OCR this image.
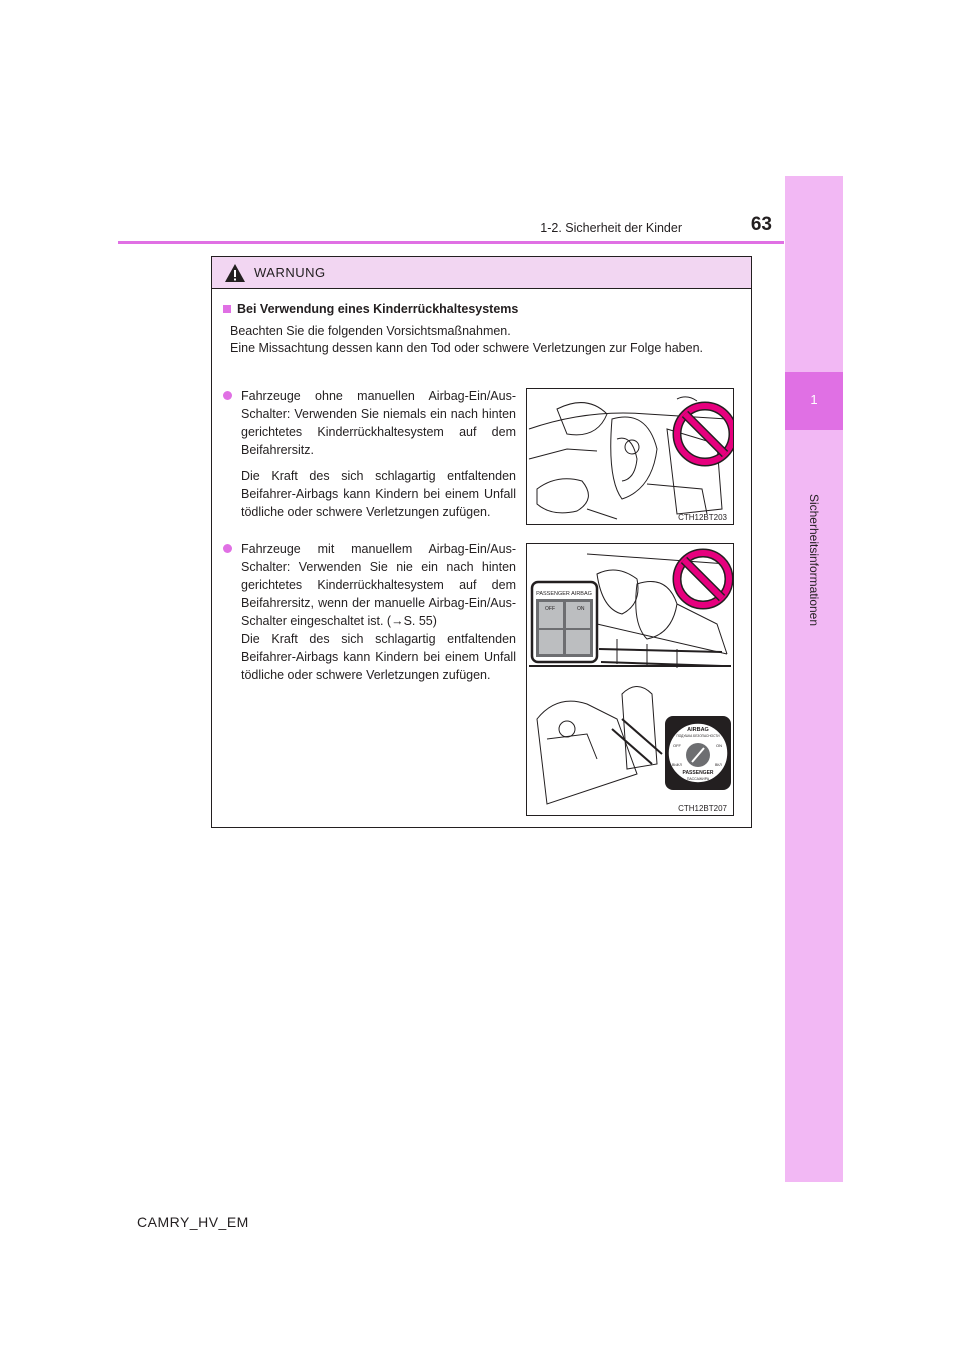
1
Sicherheitsinformationen
1-2. Sicherheit der Kinder	63
WARNUNG
Bei Verwendung eines Kinderrückhaltesystems
Beachten Sie die folgenden Vorsichtsmaßnahmen.
Eine Missachtung dessen kann den Tod oder schwere Verletzungen zur Folge haben.

Fahrzeuge ohne manuellen Airbag-Ein/Aus-Schalter: Verwenden Sie niemals ein nach hinten gerichtetes Kinderrückhaltesystem auf dem Beifahrersitz.

Die Kraft des sich schlagartig entfaltenden Beifahrer-Airbags kann Kindern bei einem Unfall tödliche oder schwere Verletzungen zufügen.	CTH12BT203

Fahrzeuge mit manuellem Airbag-Ein/Aus-Schalter: Verwenden Sie nie ein nach hinten gerichtetes Kinderrückhaltesystem auf dem Beifahrersitz, wenn der manuelle Airbag-Ein/Aus-Schalter eingeschaltet ist. (→S. 55)
Die Kraft des sich schlagartig entfaltenden Beifahrer-Airbags kann Kindern bei einem Unfall tödliche oder schwere Verletzungen zufügen.

PASSENGER AIRBAG
OFF	ON
AIRBAG
ПОДУШКА БЕЗОПАСНОСТИ
OFF	ON
ВЫКЛ	ВКЛ
PASSENGER
ПАССАЖИРА
CTH12BT207
CAMRY_HV_EM
